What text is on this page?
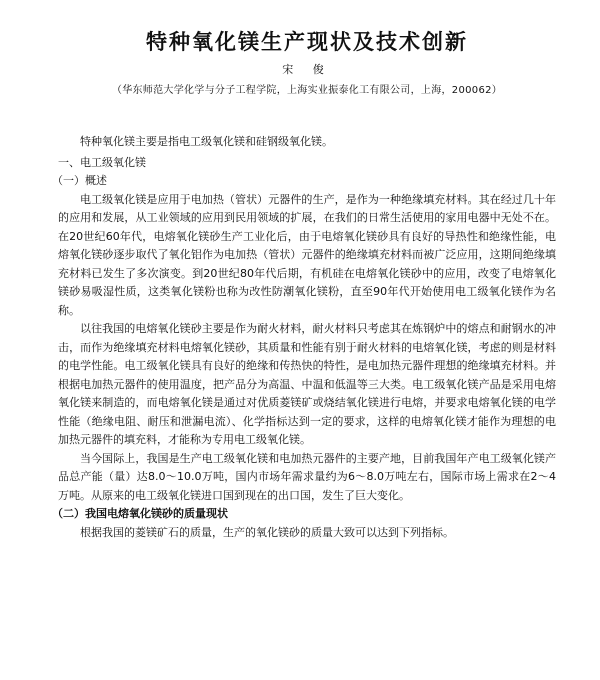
特种氧化镁生产现状及技术创新
宋 俊
（华东师范大学化学与分子工程学院，上海实业振泰化工有限公司，上海，200062）

特种氧化镁主要是指电工级氧化镁和硅钢级氧化镁。

一、电工级氧化镁
（一）概述

电工级氧化镁是应用于电加热（管状）元器件的生产，是作为一种绝缘填充材料。其在经过几十年的应用和发展，从工业领域的应用到民用领域的扩展，在我们的日常生活使用的家用电器中无处不在。在20世纪60年代，电熔氧化镁砂生产工业化后，由于电熔氧化镁砂具有良好的导热性和绝缘性能，电熔氧化镁砂逐步取代了氧化铝作为电加热（管状）元器件的绝缘填充材料而被广泛应用，这期间绝缘填充材料已发生了多次演变。到20世纪80年代后期，有机硅在电熔氧化镁砂中的应用，改变了电熔氧化镁砂易吸湿性质，这类氧化镁粉也称为改性防潮氧化镁粉，直至90年代开始使用电工级氧化镁作为名称。

以往我国的电熔氧化镁砂主要是作为耐火材料，耐火材料只考虑其在炼钢炉中的熔点和耐钢水的冲击，而作为绝缘填充材料电熔氧化镁砂，其质量和性能有别于耐火材料的电熔氧化镁，考虑的则是材料的电学性能。电工级氧化镁具有良好的绝缘和传热快的特性，是电加热元器件理想的绝缘填充材料。并根据电加热元器件的使用温度，把产品分为高温、中温和低温等三大类。电工级氧化镁产品是采用电熔氧化镁来制造的，而电熔氧化镁是通过对优质菱镁矿或烧结氧化镁进行电熔，并要求电熔氧化镁的电学性能（绝缘电阻、耐压和泄漏电流）、化学指标达到一定的要求，这样的电熔氧化镁才能作为理想的电加热元器件的填充料，才能称为专用电工级氧化镁。

当今国际上，我国是生产电工级氧化镁和电加热元器件的主要产地，目前我国年产电工级氧化镁产品总产能（量）达8.0～10.0万吨，国内市场年需求量约为6～8.0万吨左右，国际市场上需求在2～4万吨。从原来的电工级氧化镁进口国到现在的出口国，发生了巨大变化。

（二）我国电熔氧化镁砂的质量现状

根据我国的菱镁矿石的质量，生产的氧化镁砂的质量大致可以达到下列指标。
